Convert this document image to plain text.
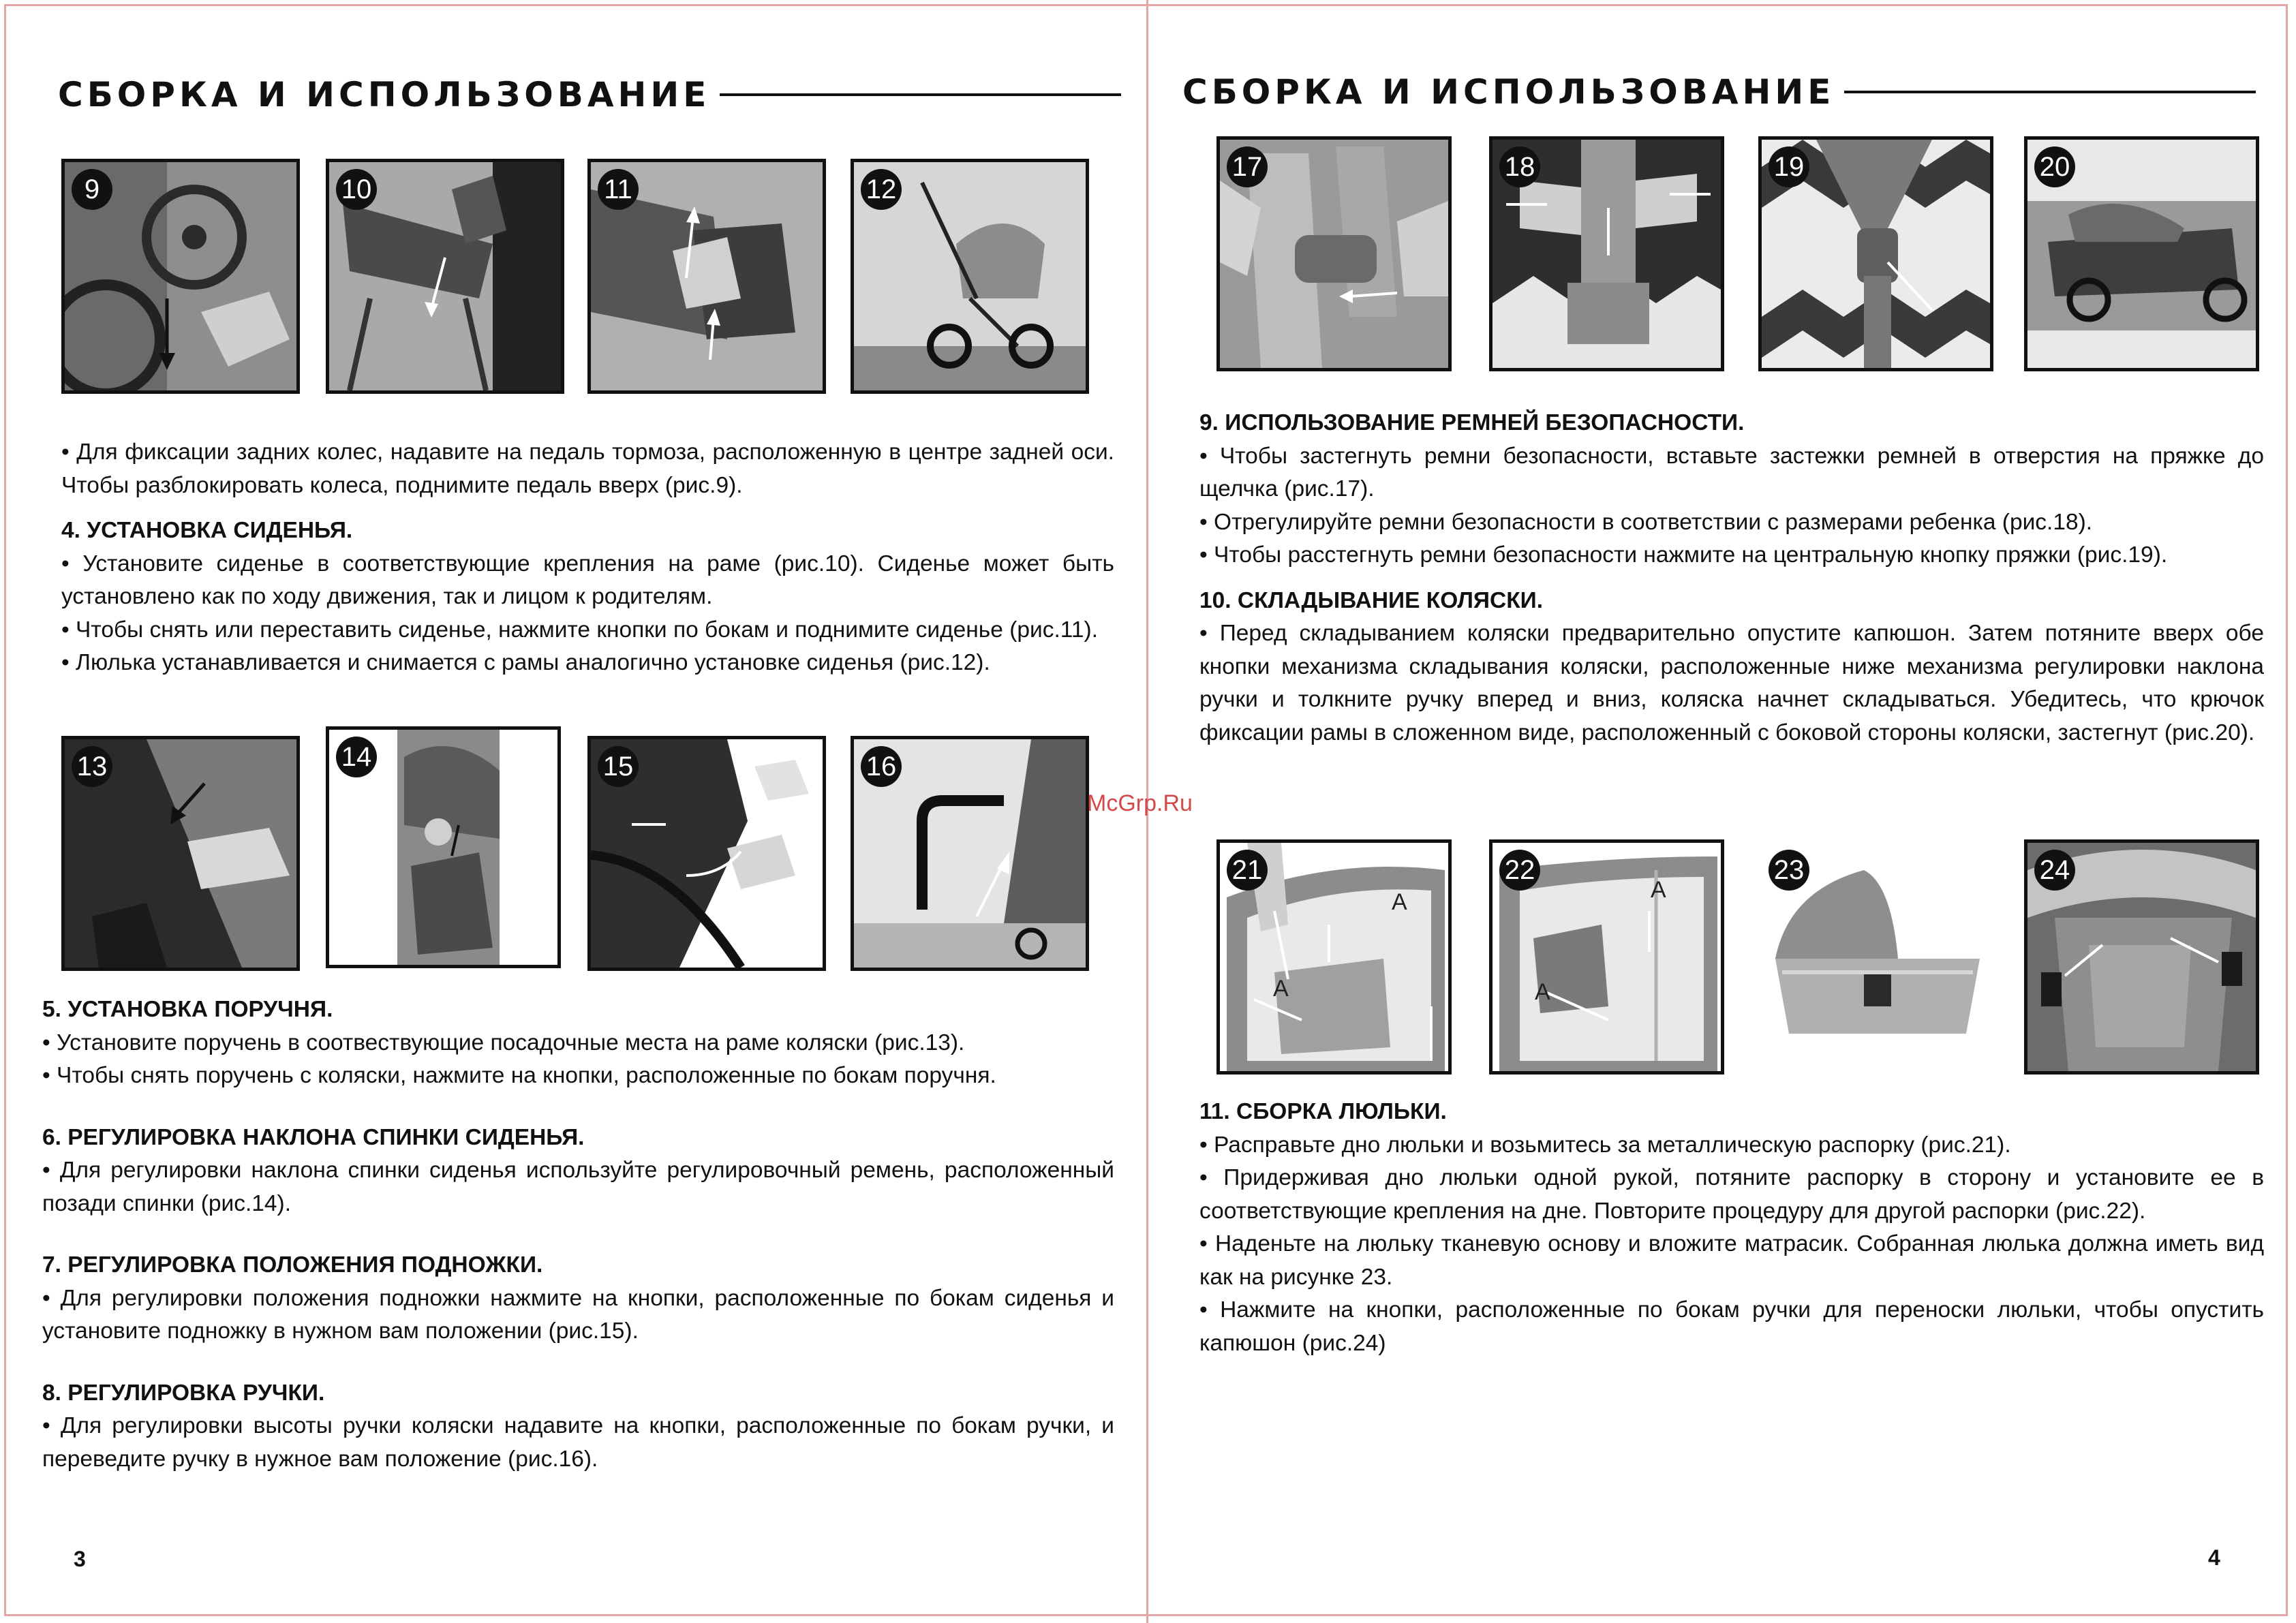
СБОРКА И ИСПОЛЬЗОВАНИЕ
9	10	11	12

• Для фиксации задних колес, надавите на педаль тормоза, расположенную в центре задней оси. Чтобы разблокировать колеса, поднимите педаль вверх (рис.9).

4. УСТАНОВКА СИДЕНЬЯ.

• Установите сиденье в соответствующие крепления на раме (рис.10). Сиденье может быть установлено как по ходу движения, так и лицом к родителям.

• Чтобы снять или переставить сиденье, нажмите кнопки по бокам и поднимите сиденье (рис.11).

• Люлька устанавливается и снимается с рамы аналогично установке сиденья (рис.12).

13	14	15	16

5. УСТАНОВКА ПОРУЧНЯ.

• Установите поручень в соотвествующие посадочные места на раме коляски (рис.13).

• Чтобы снять поручень с коляски, нажмите на кнопки, расположенные по бокам поручня.

6. РЕГУЛИРОВКА НАКЛОНА СПИНКИ СИДЕНЬЯ.

• Для регулировки наклона спинки сиденья используйте регулировочный ремень, расположенный позади спинки (рис.14).

7. РЕГУЛИРОВКА ПОЛОЖЕНИЯ ПОДНОЖКИ.

• Для регулировки положения подножки нажмите на кнопки, расположенные по бокам сиденья и установите подножку в нужном вам положении (рис.15).

8. РЕГУЛИРОВКА РУЧКИ.

• Для регулировки высоты ручки коляски надавите на кнопки, расположенные по бокам ручки, и переведите ручку в нужное вам положение (рис.16).

3
СБОРКА И ИСПОЛЬЗОВАНИЕ
17	18	19	20

9. ИСПОЛЬЗОВАНИЕ РЕМНЕЙ БЕЗОПАСНОСТИ.

• Чтобы застегнуть ремни безопасности, вставьте застежки ремней в отверстия на пряжке до щелчка (рис.17).

• Отрегулируйте ремни безопасности в соответствии с размерами ребенка (рис.18).

• Чтобы расстегнуть ремни безопасности нажмите на центральную кнопку пряжки (рис.19).

10. СКЛАДЫВАНИЕ КОЛЯСКИ.

• Перед складыванием коляски предварительно опустите капюшон. Затем потяните вверх обе кнопки механизма складывания коляски, расположенные ниже механизма регулировки наклона ручки и толкните ручку вперед и вниз, коляска начнет складываться. Убедитесь, что крючок фиксации рамы в сложенном виде, расположенный с боковой стороны коляски, застегнут (рис.20).

21
A
A
22
A
A
23	24

11. СБОРКА ЛЮЛЬКИ.

• Расправьте дно люльки и возьмитесь за металлическую распорку (рис.21).

• Придерживая дно люльки одной рукой, потяните распорку в сторону и установите ее в соответствующие крепления на дне. Повторите процедуру для другой распорки (рис.22).

• Наденьте на люльку тканевую основу и вложите матрасик. Собранная люлька должна иметь вид как на рисунке 23.

• Нажмите на кнопки, расположенные по бокам ручки для переноски люльки, чтобы опустить капюшон (рис.24)

4
McGrp.Ru
